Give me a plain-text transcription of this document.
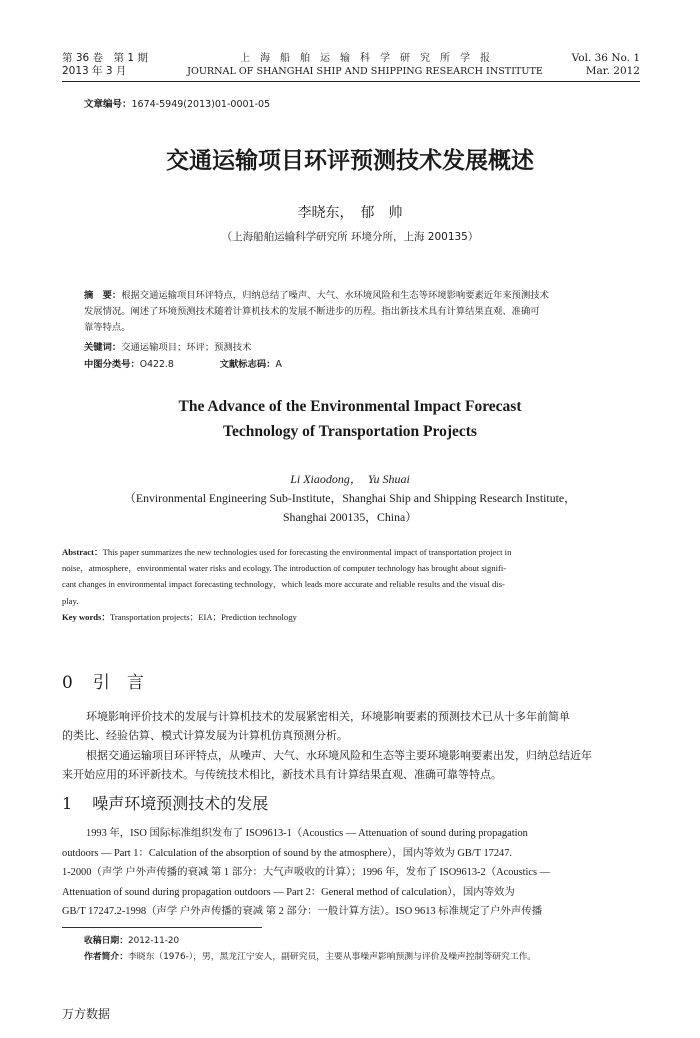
第 36 卷　第 1 期
2013 年 3 月
上　海　船　舶　运　输　科　学　研　究　所　学　报
JOURNAL OF SHANGHAI SHIP AND SHIPPING RESEARCH INSTITUTE
Vol. 36 No. 1
Mar. 2012
文章编号：1674-5949(2013)01-0001-05
交通运输项目环评预测技术发展概述
李晓东，　郁　帅
（上海船舶运输科学研究所 环境分所，上海 200135）
摘　要：根据交通运输项目环评特点，归纳总结了噪声、大气、水环境风险和生态等环境影响要素近年来预测技术
发展情况。阐述了环境预测技术随着计算机技术的发展不断进步的历程。指出新技术具有计算结果直观、准确可
靠等特点。
关键词：交通运输项目；环评；预测技术
中图分类号：O422.8	文献标志码：A
The Advance of the Environmental Impact Forecast
Technology of Transportation Projects
Li Xiaodong，　Yu Shuai
（Environmental Engineering Sub-Institute，Shanghai Ship and Shipping Research Institute，
Shanghai 200135，China）
Abstract：This paper summarizes the new technologies used for forecasting the environmental impact of transportation project in
noise，atmosphere，environmental water risks and ecology. The introduction of computer technology has brought about signifi-
cant changes in environmental impact forecasting technology，which leads more accurate and reliable results and the visual dis-
play.
Key words：Transportation projects；EIA；Prediction technology
0 引　言
环境影响评价技术的发展与计算机技术的发展紧密相关，环境影响要素的预测技术已从十多年前简单
的类比、经验估算、模式计算发展为计算机仿真预测分析。
根据交通运输项目环评特点，从噪声、大气、水环境风险和生态等主要环境影响要素出发，归纳总结近年
来开始应用的环评新技术。与传统技术相比，新技术具有计算结果直观、准确可靠等特点。
1 噪声环境预测技术的发展
1993 年，ISO 国际标准组织发布了 ISO9613-1（Acoustics — Attenuation of sound during propagation
outdoors — Part 1：Calculation of the absorption of sound by the atmosphere），国内等效为 GB/T 17247.
1-2000（声学 户外声传播的衰减 第 1 部分：大气声吸收的计算）；1996 年，发布了 ISO9613-2（Acoustics —
Attenuation of sound during propagation outdoors — Part 2：General method of calculation），国内等效为
GB/T 17247.2-1998（声学 户外声传播的衰减 第 2 部分：一般计算方法）。ISO 9613 标准规定了户外声传播
收稿日期：2012-11-20
作者简介：李晓东（1976-），男，黑龙江宁安人，副研究员，主要从事噪声影响预测与评价及噪声控制等研究工作。
万方数据
